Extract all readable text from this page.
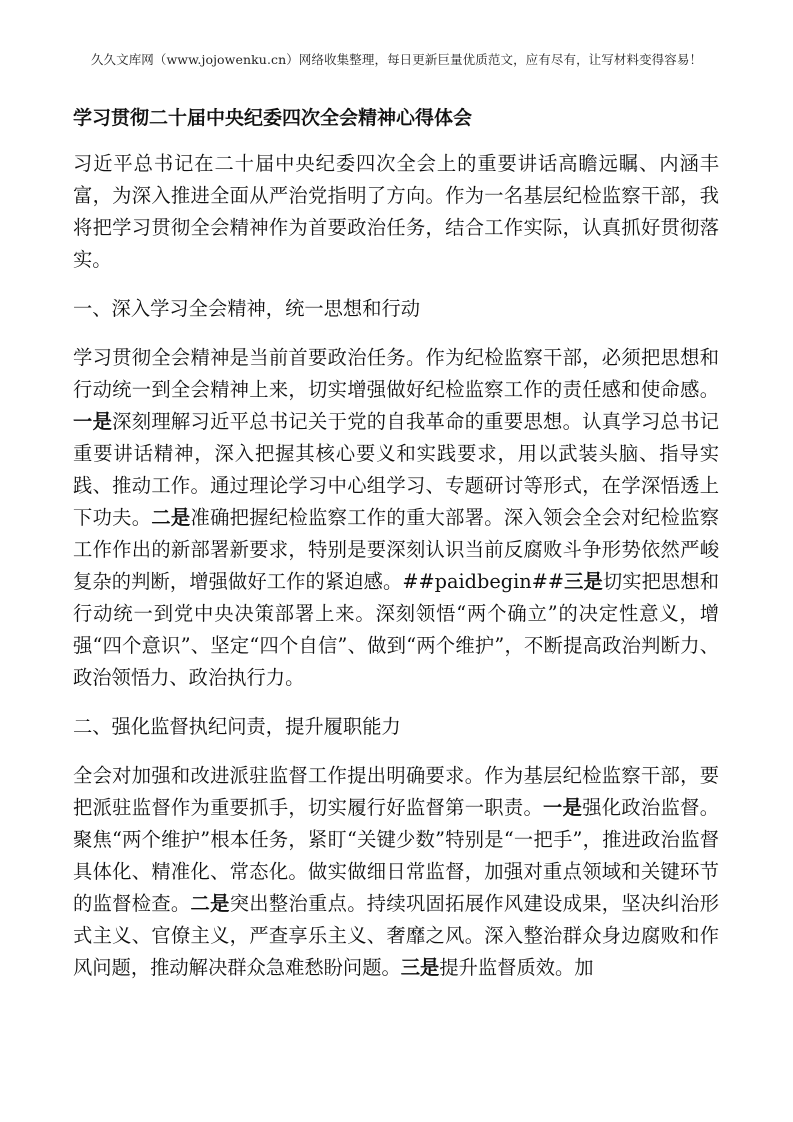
久久文库网（www.jojowenku.cn）网络收集整理，每日更新巨量优质范文，应有尽有，让写材料变得容易！
学习贯彻二十届中央纪委四次全会精神心得体会

习近平总书记在二十届中央纪委四次全会上的重要讲话高瞻远瞩、内涵丰富，为深入推进全面从严治党指明了方向。作为一名基层纪检监察干部，我将把学习贯彻全会精神作为首要政治任务，结合工作实际，认真抓好贯彻落实。

一、深入学习全会精神，统一思想和行动

学习贯彻全会精神是当前首要政治任务。作为纪检监察干部，必须把思想和行动统一到全会精神上来，切实增强做好纪检监察工作的责任感和使命感。一是深刻理解习近平总书记关于党的自我革命的重要思想。认真学习总书记重要讲话精神，深入把握其核心要义和实践要求，用以武装头脑、指导实践、推动工作。通过理论学习中心组学习、专题研讨等形式，在学深悟透上下功夫。二是准确把握纪检监察工作的重大部署。深入领会全会对纪检监察工作作出的新部署新要求，特别是要深刻认识当前反腐败斗争形势依然严峻复杂的判断，增强做好工作的紧迫感。##paidbegin##三是切实把思想和行动统一到党中央决策部署上来。深刻领悟“两个确立”的决定性意义，增强“四个意识”、坚定“四个自信”、做到“两个维护”，不断提高政治判断力、政治领悟力、政治执行力。

二、强化监督执纪问责，提升履职能力

全会对加强和改进派驻监督工作提出明确要求。作为基层纪检监察干部，要把派驻监督作为重要抓手，切实履行好监督第一职责。一是强化政治监督。聚焦“两个维护”根本任务，紧盯“关键少数”特别是“一把手”，推进政治监督具体化、精准化、常态化。做实做细日常监督，加强对重点领域和关键环节的监督检查。二是突出整治重点。持续巩固拓展作风建设成果，坚决纠治形式主义、官僚主义，严查享乐主义、奢靡之风。深入整治群众身边腐败和作风问题，推动解决群众急难愁盼问题。三是提升监督质效。加
